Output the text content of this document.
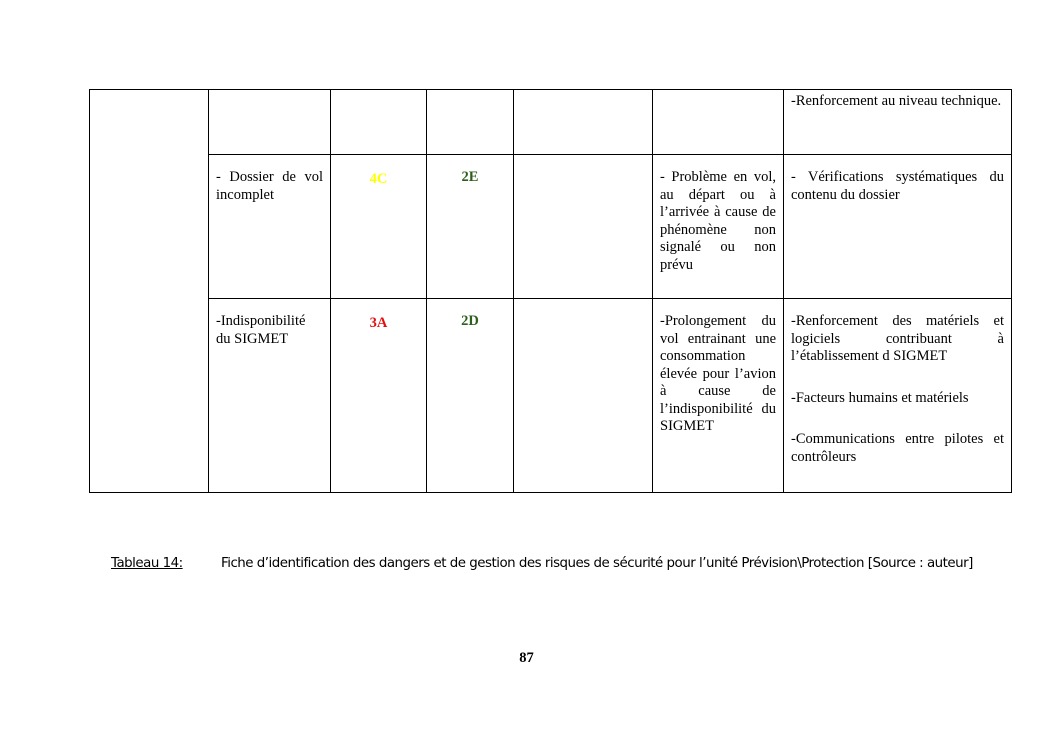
						-Renforcement au niveau technique.

	- Dossier de vol incomplet	4C	2E		- Problème en vol, au départ ou à l’arrivée à cause de phénomène non signalé ou non prévu	- Vérifications systématiques du contenu du dossier

	-Indisponibilité du SIGMET	3A	2D		-Prolongement du vol entrainant une consommation élevée pour l’avion à cause de l’indisponibilité du SIGMET	-Renforcement des matériels et logiciels contribuant à l’établissement d SIGMET

-Facteurs humains et matériels

-Communications entre pilotes et contrôleurs

Tableau 14:	Fiche d’identification des dangers et de gestion des risques de sécurité pour l’unité Prévision\Protection [Source : auteur]
87
